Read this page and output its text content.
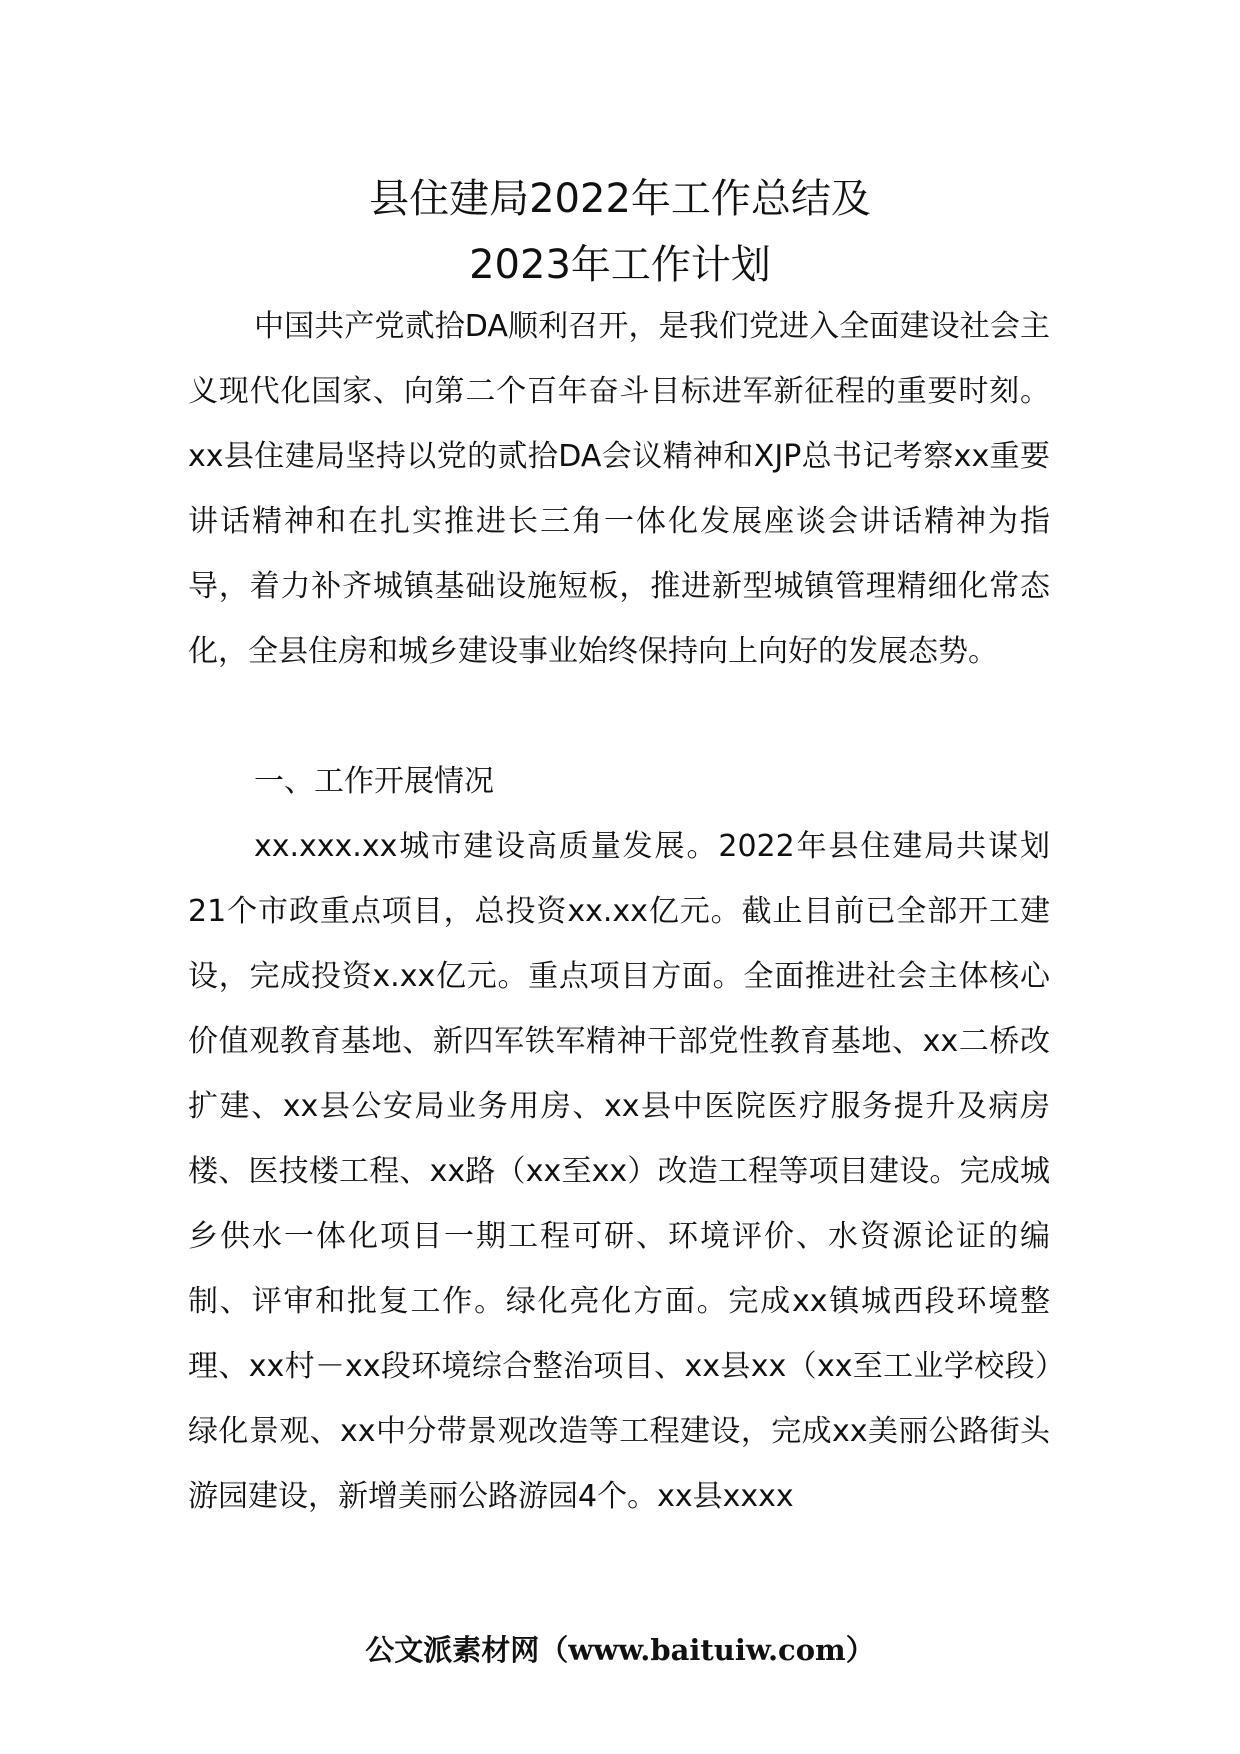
县住建局2022年工作总结及
2023年工作计划

中国共产党贰拾DA顺利召开，是我们党进入全面建设社会主义现代化国家、向第二个百年奋斗目标进军新征程的重要时刻。xx县住建局坚持以党的贰拾DA会议精神和XJP总书记考察xx重要讲话精神和在扎实推进长三角一体化发展座谈会讲话精神为指导，着力补齐城镇基础设施短板，推进新型城镇管理精细化常态化，全县住房和城乡建设事业始终保持向上向好的发展态势。

一、工作开展情况

xx.xxx.xx城市建设高质量发展。2022年县住建局共谋划21个市政重点项目，总投资xx.xx亿元。截止目前已全部开工建设，完成投资x.xx亿元。重点项目方面。全面推进社会主体核心价值观教育基地、新四军铁军精神干部党性教育基地、xx二桥改扩建、xx县公安局业务用房、xx县中医院医疗服务提升及病房楼、医技楼工程、xx路（xx至xx）改造工程等项目建设。完成城乡供水一体化项目一期工程可研、环境评价、水资源论证的编制、评审和批复工作。绿化亮化方面。完成xx镇城西段环境整理、xx村－xx段环境综合整治项目、xx县xx（xx至工业学校段）绿化景观、xx中分带景观改造等工程建设，完成xx美丽公路街头游园建设，新增美丽公路游园4个。xx县xxxx

公文派素材网（www.baituiw.com）
